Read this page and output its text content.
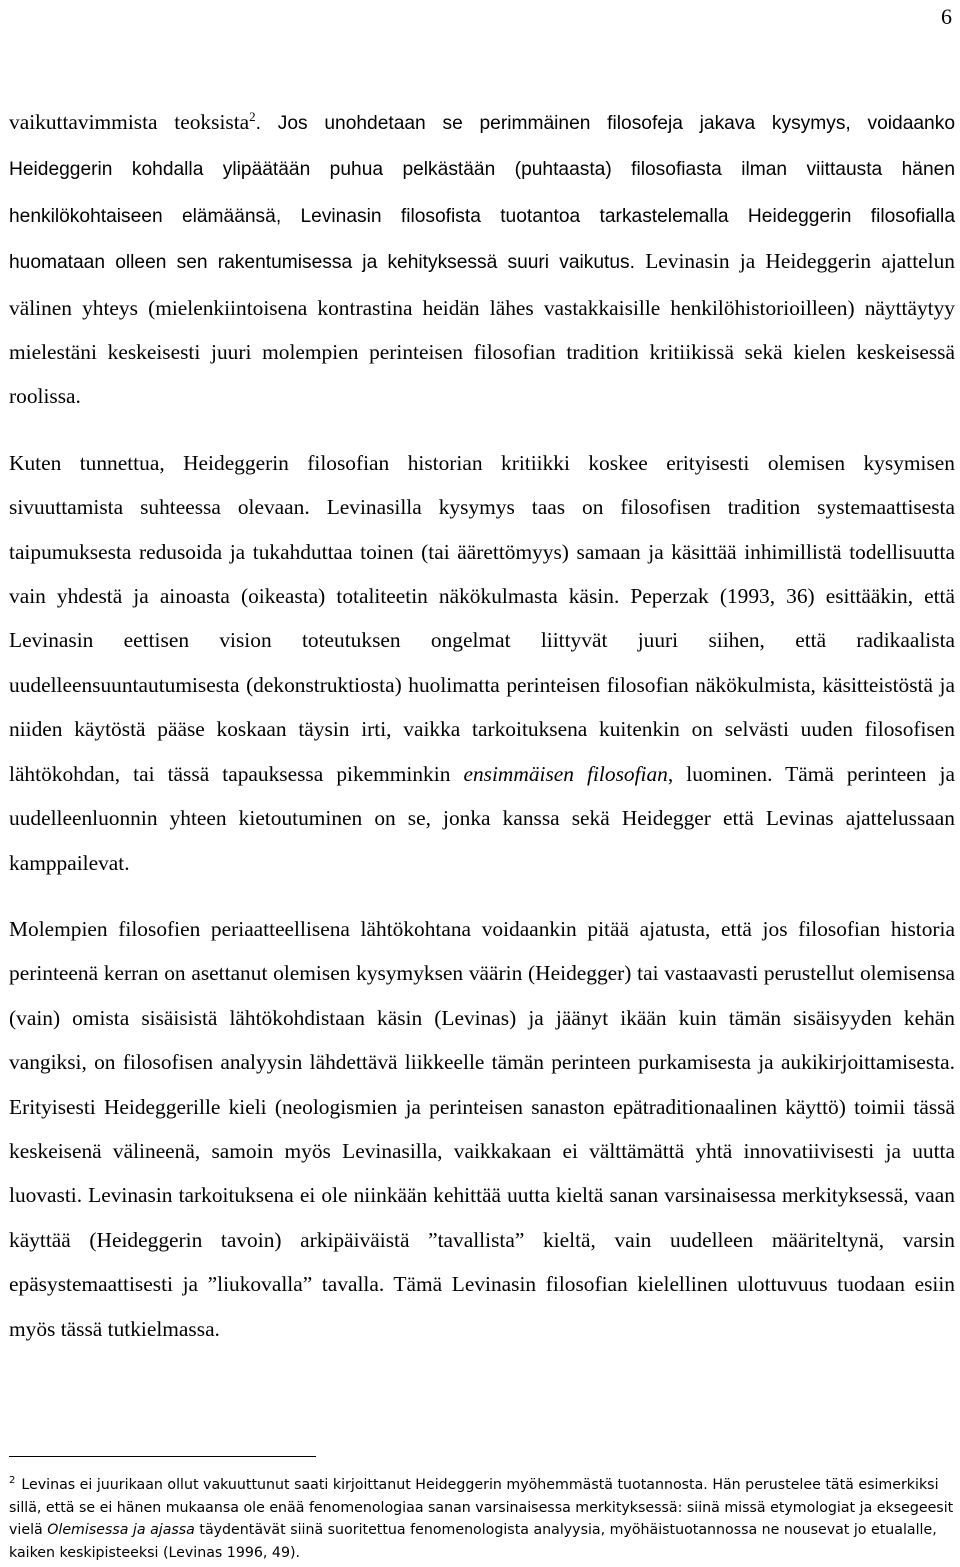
6

vaikuttavimmista teoksista$^2$. Jos unohdetaan se perimmäinen filosofeja jakava kysymys, voidaanko Heideggerin kohdalla ylipäätään puhua pelkästään (puhtaasta) filosofiasta ilman viittausta hänen henkilökohtaiseen elämäänsä, Levinasin filosofista tuotantoa tarkastelemalla Heideggerin filosofialla huomataan olleen sen rakentumisessa ja kehityksessä suuri vaikutus. Levinasin ja Heideggerin ajattelun välinen yhteys (mielenkiintoisena kontrastina heidän lähes vastakkaisille henkilöhistorioilleen) näyttäytyy mielestäni keskeisesti juuri molempien perinteisen filosofian tradition kritiikissä sekä kielen keskeisessä roolissa.

Kuten tunnettua, Heideggerin filosofian historian kritiikki koskee erityisesti olemisen kysymisen sivuuttamista suhteessa olevaan. Levinasilla kysymys taas on filosofisen tradition systemaattisesta taipumuksesta redusoida ja tukahduttaa toinen (tai äärettömyys) samaan ja käsittää inhimillistä todellisuutta vain yhdestä ja ainoasta (oikeasta) totaliteetin näkökulmasta käsin. Peperzak (1993, 36) esittääkin, että Levinasin eettisen vision toteutuksen ongelmat liittyvät juuri siihen, että radikaalista uudelleensuuntautumisesta (dekonstruktiosta) huolimatta perinteisen filosofian näkökulmista, käsitteistöstä ja niiden käytöstä pääse koskaan täysin irti, vaikka tarkoituksena kuitenkin on selvästi uuden filosofisen lähtökohdan, tai tässä tapauksessa pikemminkin ensimmäisen filosofian, luominen. Tämä perinteen ja uudelleenluonnin yhteen kietoutuminen on se, jonka kanssa sekä Heidegger että Levinas ajattelussaan kamppailevat.

Molempien filosofien periaatteellisena lähtökohtana voidaankin pitää ajatusta, että jos filosofian historia perinteenä kerran on asettanut olemisen kysymyksen väärin (Heidegger) tai vastaavasti perustellut olemisensa (vain) omista sisäisistä lähtökohdistaan käsin (Levinas) ja jäänyt ikään kuin tämän sisäisyyden kehän vangiksi, on filosofisen analyysin lähdettävä liikkeelle tämän perinteen purkamisesta ja aukikirjoittamisesta. Erityisesti Heideggerille kieli (neologismien ja perinteisen sanaston epätraditionaalinen käyttö) toimii tässä keskeisenä välineenä, samoin myös Levinasilla, vaikkakaan ei välttämättä yhtä innovatiivisesti ja uutta luovasti. Levinasin tarkoituksena ei ole niinkään kehittää uutta kieltä sanan varsinaisessa merkityksessä, vaan käyttää (Heideggerin tavoin) arkipäiväistä ”tavallista” kieltä, vain uudelleen määriteltynä, varsin epäsystemaattisesti ja ”liukovalla” tavalla. Tämä Levinasin filosofian kielellinen ulottuvuus tuodaan esiin myös tässä tutkielmassa.

$^2$ Levinas ei juurikaan ollut vakuuttunut saati kirjoittanut Heideggerin myöhemmästä tuotannosta. Hän perustelee tätä esimerkiksi sillä, että se ei hänen mukaansa ole enää fenomenologiaa sanan varsinaisessa merkityksessä: siinä missä etymologiat ja eksegeesit vielä Olemisessa ja ajassa täydentävät siinä suoritettua fenomenologista analyysia, myöhäistuotannossa ne nousevat jo etualalle, kaiken keskipisteeksi (Levinas 1996, 49).
